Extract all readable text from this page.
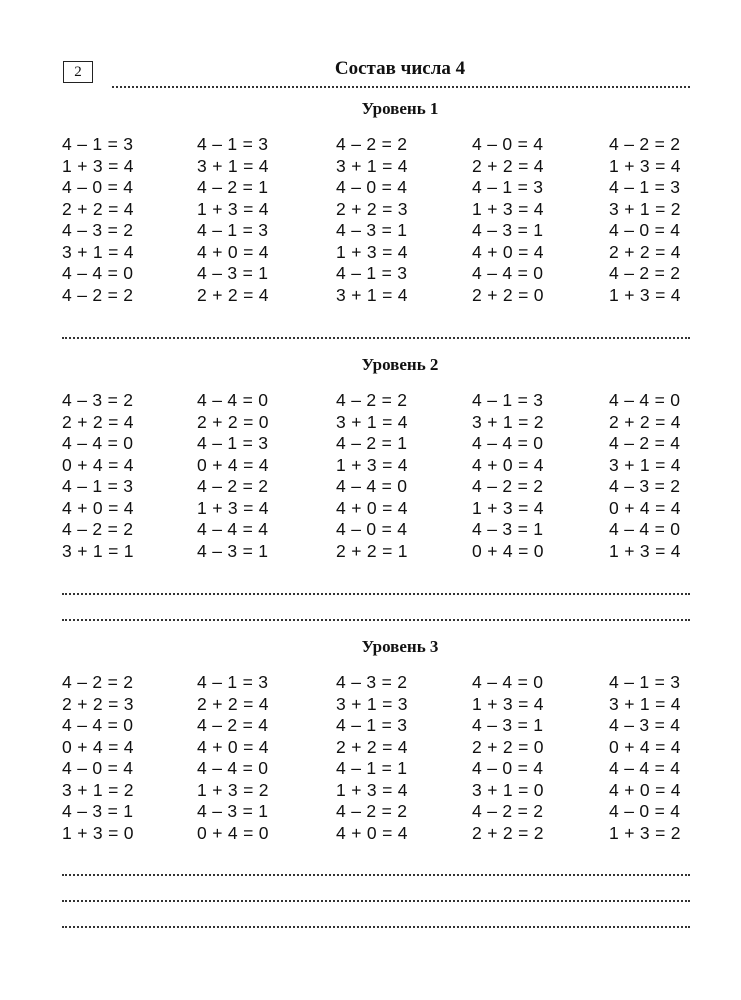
2	Состав числа 4
Уровень 1
4 – 1 = 3	4 – 1 = 3	4 – 2 = 2	4 – 0 = 4	4 – 2 = 2
1 + 3 = 4	3 + 1 = 4	3 + 1 = 4	2 + 2 = 4	1 + 3 = 4
4 – 0 = 4	4 – 2 = 1	4 – 0 = 4	4 – 1 = 3	4 – 1 = 3
2 + 2 = 4	1 + 3 = 4	2 + 2 = 3	1 + 3 = 4	3 + 1 = 2
4 – 3 = 2	4 – 1 = 3	4 – 3 = 1	4 – 3 = 1	4 – 0 = 4
3 + 1 = 4	4 + 0 = 4	1 + 3 = 4	4 + 0 = 4	2 + 2 = 4
4 – 4 = 0	4 – 3 = 1	4 – 1 = 3	4 – 4 = 0	4 – 2 = 2
4 – 2 = 2	2 + 2 = 4	3 + 1 = 4	2 + 2 = 0	1 + 3 = 4
Уровень 2
4 – 3 = 2	4 – 4 = 0	4 – 2 = 2	4 – 1 = 3	4 – 4 = 0
2 + 2 = 4	2 + 2 = 0	3 + 1 = 4	3 + 1 = 2	2 + 2 = 4
4 – 4 = 0	4 – 1 = 3	4 – 2 = 1	4 – 4 = 0	4 – 2 = 4
0 + 4 = 4	0 + 4 = 4	1 + 3 = 4	4 + 0 = 4	3 + 1 = 4
4 – 1 = 3	4 – 2 = 2	4 – 4 = 0	4 – 2 = 2	4 – 3 = 2
4 + 0 = 4	1 + 3 = 4	4 + 0 = 4	1 + 3 = 4	0 + 4 = 4
4 – 2 = 2	4 – 4 = 4	4 – 0 = 4	4 – 3 = 1	4 – 4 = 0
3 + 1 = 1	4 – 3 = 1	2 + 2 = 1	0 + 4 = 0	1 + 3 = 4
Уровень 3
4 – 2 = 2	4 – 1 = 3	4 – 3 = 2	4 – 4 = 0	4 – 1 = 3
2 + 2 = 3	2 + 2 = 4	3 + 1 = 3	1 + 3 = 4	3 + 1 = 4
4 – 4 = 0	4 – 2 = 4	4 – 1 = 3	4 – 3 = 1	4 – 3 = 4
0 + 4 = 4	4 + 0 = 4	2 + 2 = 4	2 + 2 = 0	0 + 4 = 4
4 – 0 = 4	4 – 4 = 0	4 – 1 = 1	4 – 0 = 4	4 – 4 = 4
3 + 1 = 2	1 + 3 = 2	1 + 3 = 4	3 + 1 = 0	4 + 0 = 4
4 – 3 = 1	4 – 3 = 1	4 – 2 = 2	4 – 2 = 2	4 – 0 = 4
1 + 3 = 0	0 + 4 = 0	4 + 0 = 4	2 + 2 = 2	1 + 3 = 2
